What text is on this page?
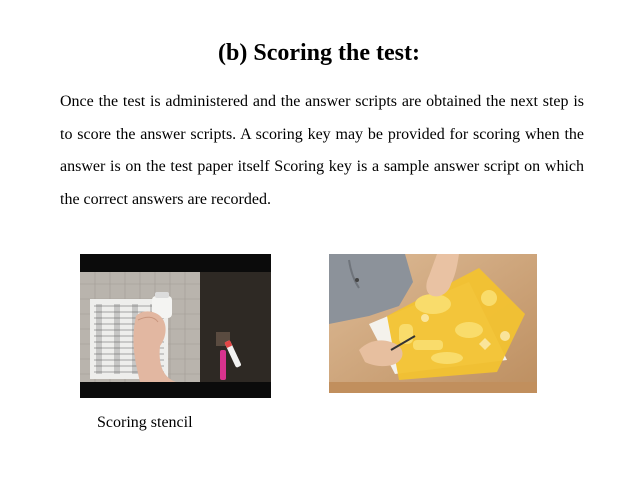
(b) Scoring the test:

Once the test is administered and the answer scripts are obtained the next step is to score the answer scripts. A scoring key may be provided for scoring when the answer is on the test paper itself Scoring key is a sample answer script on which the correct answers are recorded.

Scoring stencil
